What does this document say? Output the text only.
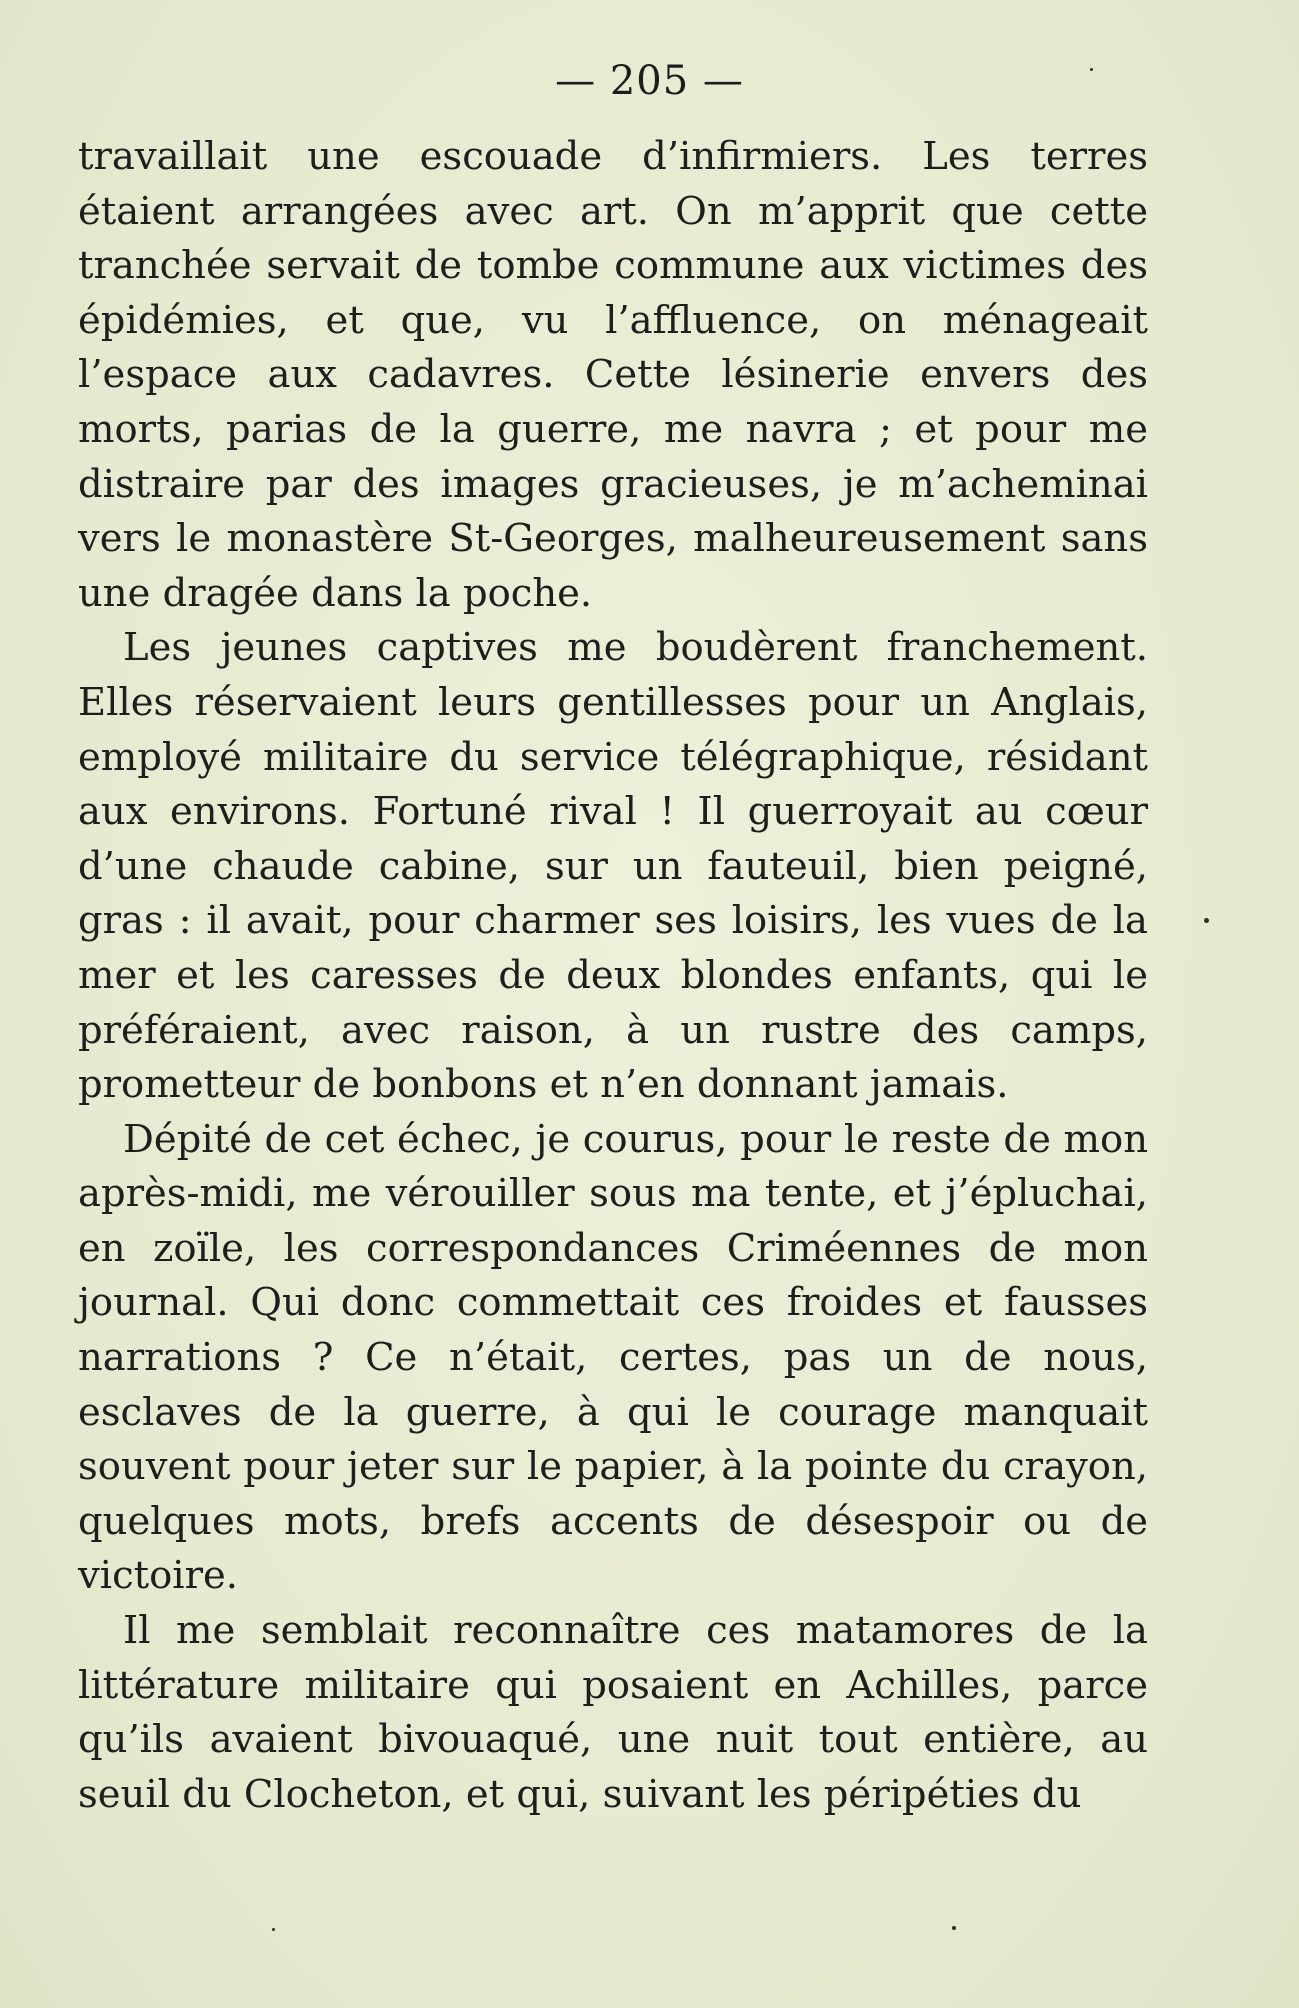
— 205 —

travaillait une escouade d’infirmiers. Les terres étaient arrangées avec art. On m’apprit que cette tranchée servait de tombe commune aux victimes des épidémies, et que, vu l’affluence, on ménageait l’espace aux cadavres. Cette lésinerie envers des morts, parias de la guerre, me navra ; et pour me distraire par des images gracieuses, je m’acheminai vers le monastère St-Georges, malheureusement sans une dragée dans la poche.

Les jeunes captives me boudèrent franchement. Elles réservaient leurs gentillesses pour un Anglais, employé militaire du service télégraphique, résidant aux environs. Fortuné rival ! Il guerroyait au cœur d’une chaude cabine, sur un fauteuil, bien peigné, gras : il avait, pour charmer ses loisirs, les vues de la mer et les caresses de deux blondes enfants, qui le préféraient, avec raison, à un rustre des camps, prometteur de bonbons et n’en donnant jamais.

Dépité de cet échec, je courus, pour le reste de mon après-midi, me vérouiller sous ma tente, et j’épluchai, en zoïle, les correspondances Criméennes de mon journal. Qui donc commettait ces froides et fausses narrations ? Ce n’était, certes, pas un de nous, esclaves de la guerre, à qui le courage manquait souvent pour jeter sur le papier, à la pointe du crayon, quelques mots, brefs accents de désespoir ou de victoire.

Il me semblait reconnaître ces matamores de la littérature militaire qui posaient en Achilles, parce qu’ils avaient bivouaqué, une nuit tout entière, au seuil du Clocheton, et qui, suivant les péripéties du
